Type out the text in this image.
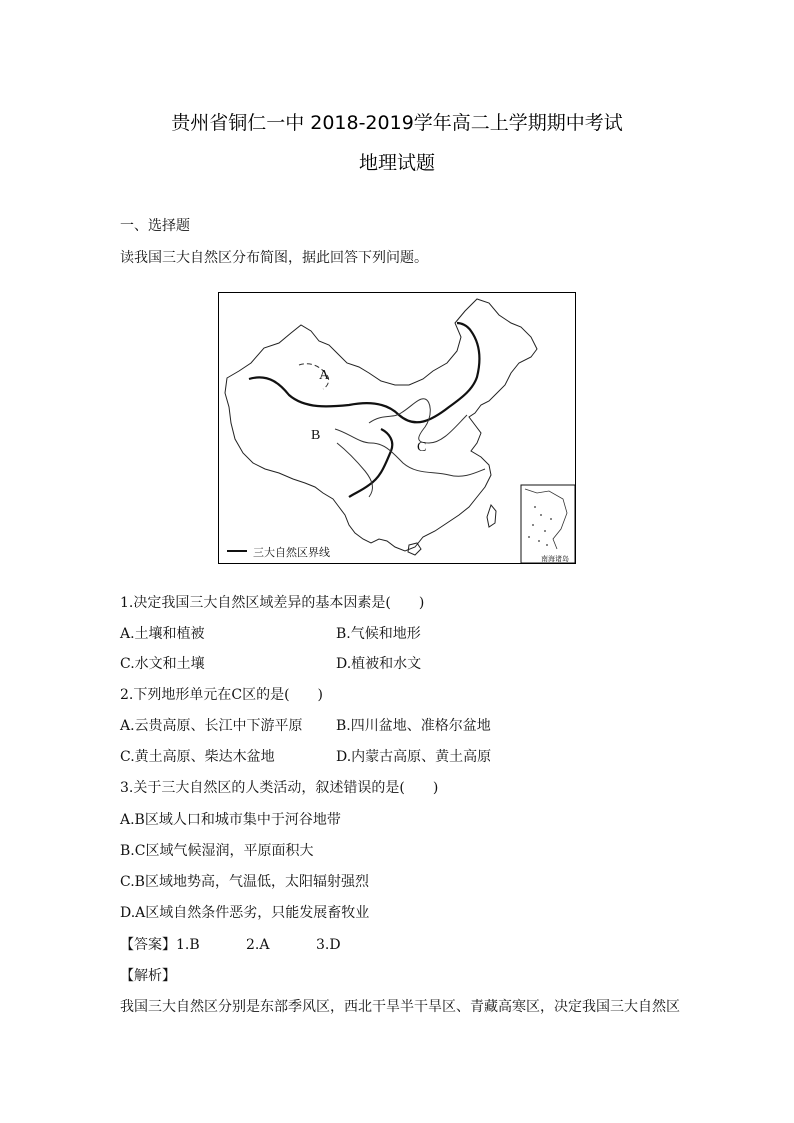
贵州省铜仁一中 2018-2019学年高二上学期期中考试
地理试题
一、选择题
读我国三大自然区分布简图，据此回答下列问题。
A
B
C
三大自然区界线	南海诸岛
1.决定我国三大自然区域差异的基本因素是(　　)
A.土壤和植被	B.气候和地形
C.水文和土壤	D.植被和水文
2.下列地形单元在C区的是(　　)
A.云贵高原、长江中下游平原 B.四川盆地、准格尔盆地
C.黄土高原、柴达木盆地	D.内蒙古高原、黄土高原
3.关于三大自然区的人类活动，叙述错误的是(　　)
A.B区域人口和城市集中于河谷地带
B.C区域气候湿润，平原面积大
C.B区域地势高，气温低，太阳辐射强烈
D.A区域自然条件恶劣，只能发展畜牧业
【答案】1.B	2.A	3.D
【解析】
我国三大自然区分别是东部季风区，西北干旱半干旱区、青藏高寒区，决定我国三大自然区
